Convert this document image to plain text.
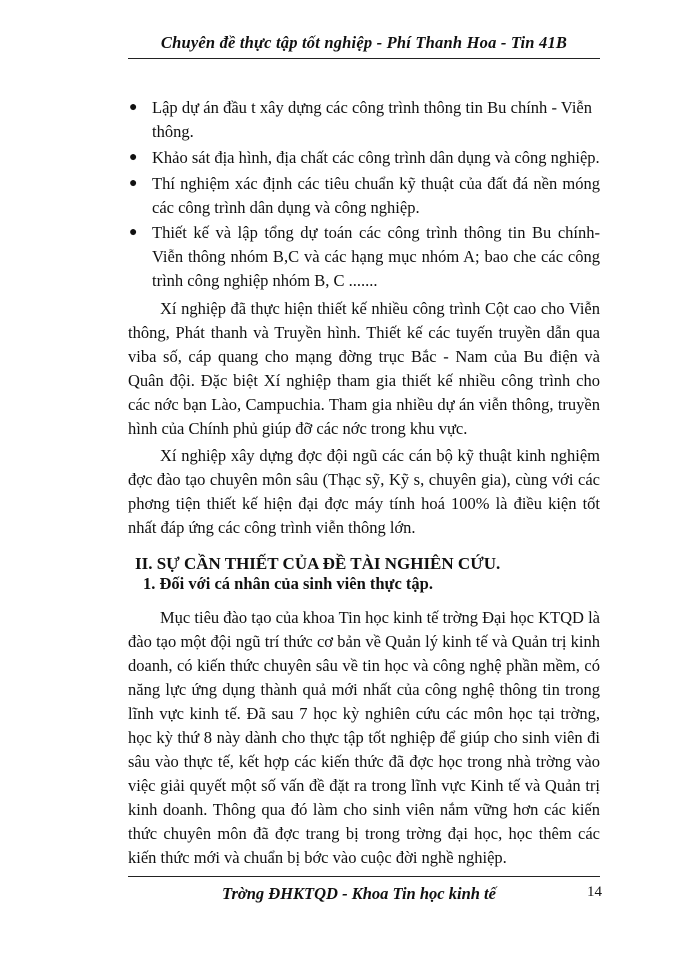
Chuyên đề thực tập tốt nghiệp - Phí Thanh Hoa - Tin 41B
● Lập dự án đầu t xây dựng các công trình thông tin Bu chính - Viễn thông.
● Khảo sát địa hình, địa chất các công trình dân dụng và công nghiệp.
● Thí nghiệm xác định các tiêu chuẩn kỹ thuật của đất đá nền móng các công trình dân dụng và công nghiệp.
● Thiết kế và lập tổng dự toán các công trình thông tin Bu chính- Viễn thông nhóm B,C và các hạng mục nhóm A; bao che các công trình công nghiệp nhóm B, C .......
Xí nghiệp đã thực hiện thiết kế nhiều công trình Cột cao cho Viễn thông, Phát thanh và Truyền hình. Thiết kế các tuyến truyền dẫn qua viba số, cáp quang cho mạng đờng trục Bắc - Nam của Bu điện và Quân đội. Đặc biệt Xí nghiệp tham gia thiết kế nhiều công trình cho các nớc bạn Lào, Campuchia. Tham gia nhiều dự án viễn thông, truyền hình của Chính phủ giúp đỡ các nớc trong khu vực.
Xí nghiệp xây dựng đợc đội ngũ các cán bộ kỹ thuật kinh nghiệm đợc đào tạo chuyên môn sâu (Thạc sỹ, Kỹ s, chuyên gia), cùng với các phơng tiện thiết kế hiện đại đợc máy tính hoá 100% là điều kiện tốt nhất đáp ứng các công trình viễn thông lớn.
II. SỰ CẦN THIẾT CỦA ĐỀ TÀI NGHIÊN CỨU.
1. Đối với cá nhân của sinh viên thực tập.
Mục tiêu đào tạo của khoa Tin học kinh tế trờng Đại học KTQD là đào tạo một đội ngũ trí thức cơ bản về Quản lý kinh tế và Quản trị kinh doanh, có kiến thức chuyên sâu về tin học và công nghệ phần mềm, có năng lực ứng dụng thành quả mới nhất của công nghệ thông tin trong lĩnh vực kinh tế. Đã sau 7 học kỳ nghiên cứu các môn học tại trờng, học kỳ thứ 8 này dành cho thực tập tốt nghiệp để giúp cho sinh viên đi sâu vào thực tế, kết hợp các kiến thức đã đợc học trong nhà trờng vào việc giải quyết một số vấn đề đặt ra trong lĩnh vực Kinh tế và Quản trị kinh doanh. Thông qua đó làm cho sinh viên nắm vững hơn các kiến thức chuyên môn đã đợc trang bị trong trờng đại học, học thêm các kiến thức mới và chuẩn bị bớc vào cuộc đời nghề nghiệp.
Trờng ĐHKTQD - Khoa Tin học kinh tế	14
